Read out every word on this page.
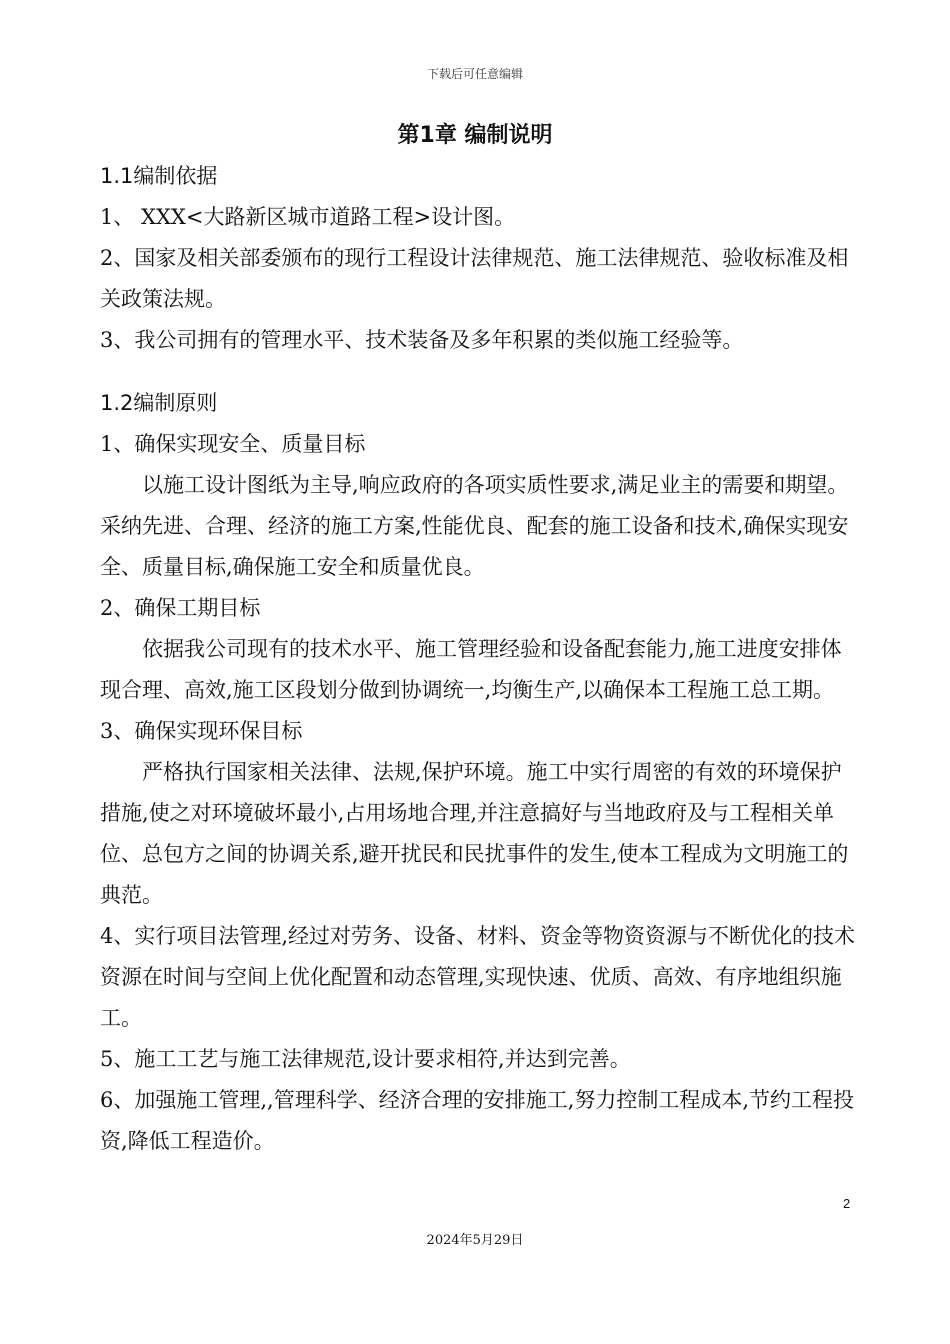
下载后可任意编辑
第1章 编制说明

1.1编制依据

1、 XXX<大路新区城市道路工程>设计图。

2、国家及相关部委颁布的现行工程设计法律规范、施工法律规范、验收标准及相关政策法规。

3、我公司拥有的管理水平、技术装备及多年积累的类似施工经验等。

1.2编制原则

1、确保实现安全、质量目标

以施工设计图纸为主导,响应政府的各项实质性要求,满足业主的需要和期望。采纳先进、合理、经济的施工方案,性能优良、配套的施工设备和技术,确保实现安全、质量目标,确保施工安全和质量优良。

2、确保工期目标

依据我公司现有的技术水平、施工管理经验和设备配套能力,施工进度安排体现合理、高效,施工区段划分做到协调统一,均衡生产,以确保本工程施工总工期。

3、确保实现环保目标

严格执行国家相关法律、法规,保护环境。施工中实行周密的有效的环境保护措施,使之对环境破坏最小,占用场地合理,并注意搞好与当地政府及与工程相关单位、总包方之间的协调关系,避开扰民和民扰事件的发生,使本工程成为文明施工的典范。

4、实行项目法管理,经过对劳务、设备、材料、资金等物资资源与不断优化的技术资源在时间与空间上优化配置和动态管理,实现快速、优质、高效、有序地组织施工。

5、施工工艺与施工法律规范,设计要求相符,并达到完善。

6、加强施工管理,,管理科学、经济合理的安排施工,努力控制工程成本,节约工程投资,降低工程造价。

2
2024年5月29日
